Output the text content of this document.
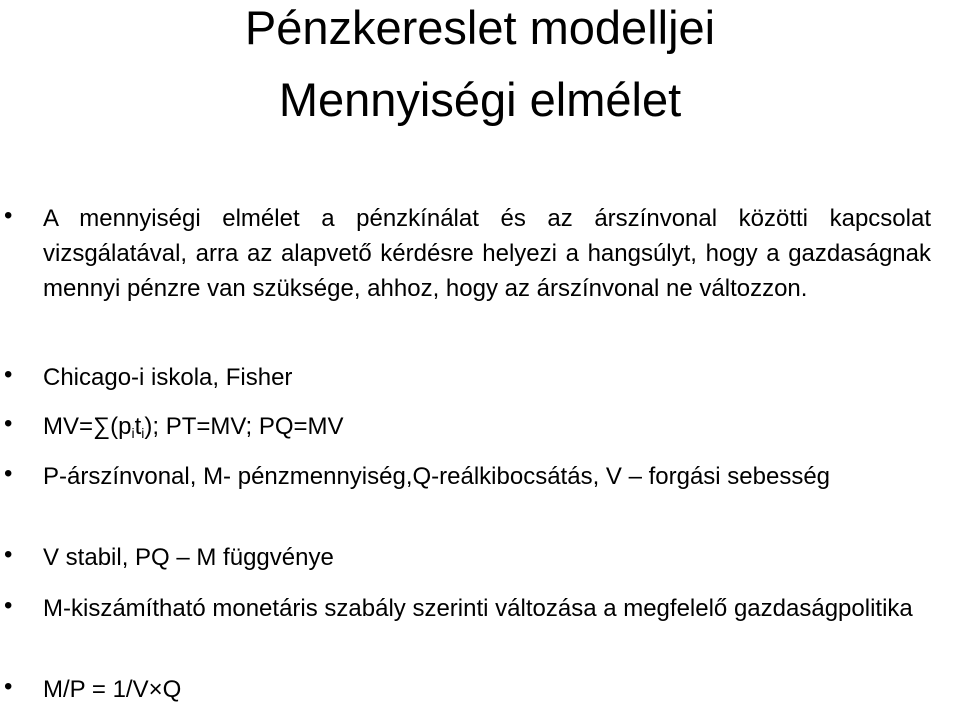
Pénzkereslet modelljei
Mennyiségi elmélet
• A mennyiségi elmélet a pénzkínálat és az árszínvonal közötti kapcsolat vizsgálatával, arra az alapvető kérdésre helyezi a hangsúlyt, hogy a gazdaságnak mennyi pénzre van szüksége, ahhoz, hogy az árszínvonal ne változzon.
• Chicago-i iskola, Fisher
• $MV=\sum(p_it_i)$; PT=MV; PQ=MV
• P-árszínvonal, M- pénzmennyiség,Q-reálkibocsátás, V – forgási sebesség
• V stabil, PQ – M függvénye
• M-kiszámítható monetáris szabály szerinti változása a megfelelő gazdaságpolitika
• M/P = 1/V×Q
